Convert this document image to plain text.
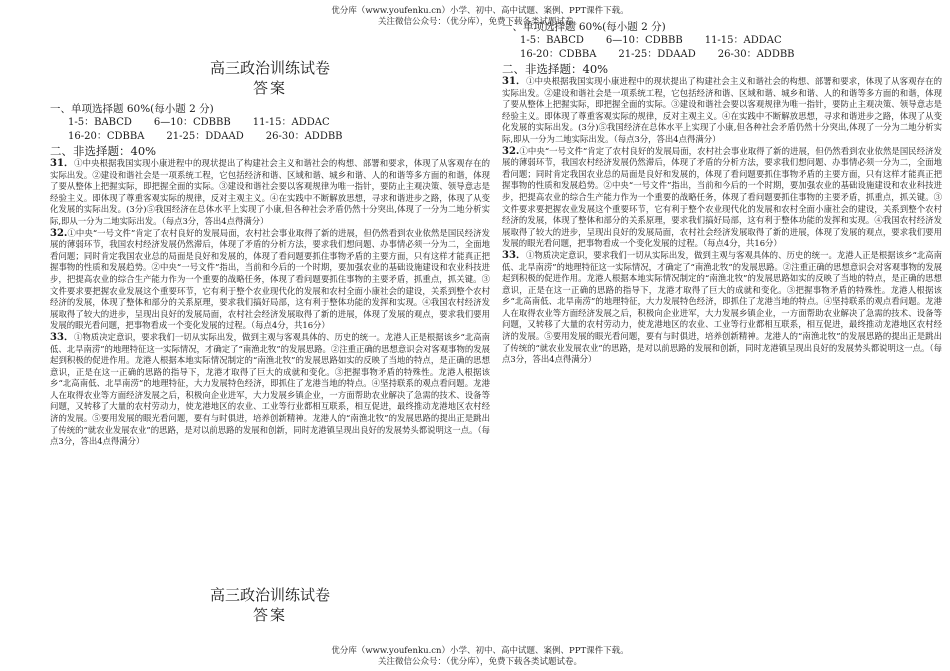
优分库（www.youfenku.cn）小学、初中、高中试题、案例、PPT课件下载。
关注微信公众号：（优分库），免费下载各类试题试卷。

高三政治训练试卷

答案

一、单项选择题 60%(每小题 2 分)

1-5：BABCD 6—10：CDBBB 11-15：ADDAC
16-20：CDBBA 21-25：DDAAD 26-30：ADDBB

二、非选择题：40%

31．①中央根据我国实现小康进程中的现状提出了构建社会主义和谐社会的构想、部署和要求，体现了从客观存在的实际出发。②建设和谐社会是一项系统工程，它包括经济和谐、区域和谐、城乡和谐、人的和谐等多方面的和谐，体现了要从整体上把握实际，即把握全面的实际。③建设和谐社会要以客观规律为唯一指针，要防止主观决策、领导意志是经验主义。即体现了尊重客观实际的规律，反对主观主义。④在实践中不断解放思想，寻求和谐进步之路，体现了从变化发展的实际出发。(3分)⑤我国经济在总体水平上实现了小康,但各种社会矛盾仍然十分突出,体现了一分为二地分析实际,即从一分为二地实际出发。（每点3分，答出4点得满分）

32.①中央“一号文件”肯定了农村良好的发展局面，农村社会事业取得了新的进展，但仍然看到农业依然是国民经济发展的薄弱环节，我国农村经济发展仍然滞后，体现了矛盾的分析方法，要求我们想问题、办事情必须一分为二，全面地看问题；同时肯定我国农业总的局面是良好和发展的，体现了看问题要抓住事物矛盾的主要方面，只有这样才能真正把握事物的性质和发展趋势。②中央“一号文件”指出，当前和今后的一个时期，要加强农业的基础设施建设和农业科技进步，把提高农业的综合生产能力作为一个重要的战略任务，体现了看问题要抓住事物的主要矛盾，抓重点，抓关键。③文件要求要把握农业发展这个重要环节，它有利于整个农业现代化的发展和农村全面小康社会的建设，关系到整个农村经济的发展，体现了整体和部分的关系原理，要求我们搞好局部，这有利于整体功能的发挥和实现。④我国农村经济发展取得了较大的进步，呈现出良好的发展局面，农村社会经济发展取得了新的进展，体现了发展的观点，要求我们要用发展的眼光看问题，把事物看成一个变化发展的过程。（每点4分，共16分）

33．①物质决定意识，要求我们一切从实际出发，做到主观与客观具体的、历史的统一。龙港人正是根据该乡“北高南低、北旱南涝”的地理特征这一实际情况，才确定了“南渔北牧”的发展思路。②注重正确的思想意识会对客观事物的发展起到积极的促进作用。龙港人根据本地实际情况制定的“南渔北牧”的发展思路如实的反映了当地的特点，是正确的思想意识，正是在这一正确的思路的指导下，龙港才取得了巨大的成就和变化。③把握事物矛盾的特殊性。龙港人根据该乡“北高南低、北旱南涝”的地理特征，大力发展特色经济，即抓住了龙港当地的特点。④坚持联系的观点看问题。龙港人在取得农业等方面经济发展之后，积极向企业进军，大力发展乡镇企业，一方面帮助农业解决了急需的技术、设备等问题，又转移了大量的农村劳动力，使龙港地区的农业、工业等行业都相互联系，相互促进，最终推动龙港地区农村经济的发展。⑤要用发展的眼光看问题，要有与时俱进，培养创新精神。龙港人的“南渔北牧”的发展思路的提出正是跳出了传统的“就农业发展农业”的思路，是对以前思路的发展和创新，同时龙港镇呈现出良好的发展势头都说明这一点。（每点3分，答出4点得满分）

一、单项选择题 60%(每小题 2 分)

1-5：BABCD 6—10：CDBBB 11-15：ADDAC
16-20：CDBBA 21-25：DDAAD 26-30：ADDBB

二、非选择题：40%

31．①中央根据我国实现小康进程中的现状提出了构建社会主义和谐社会的构想、部署和要求，体现了从客观存在的实际出发。②建设和谐社会是一项系统工程，它包括经济和谐、区域和谐、城乡和谐、人的和谐等多方面的和谐，体现了要从整体上把握实际，即把握全面的实际。③建设和谐社会要以客观规律为唯一指针，要防止主观决策、领导意志是经验主义。即体现了尊重客观实际的规律，反对主观主义。④在实践中不断解放思想，寻求和谐进步之路，体现了从变化发展的实际出发。(3分)⑤我国经济在总体水平上实现了小康,但各种社会矛盾仍然十分突出,体现了一分为二地分析实际,即从一分为二地实际出发。（每点3分，答出4点得满分）

32.①中央“一号文件”肯定了农村良好的发展局面，农村社会事业取得了新的进展，但仍然看到农业依然是国民经济发展的薄弱环节，我国农村经济发展仍然滞后，体现了矛盾的分析方法，要求我们想问题、办事情必须一分为二，全面地看问题；同时肯定我国农业总的局面是良好和发展的，体现了看问题要抓住事物矛盾的主要方面，只有这样才能真正把握事物的性质和发展趋势。②中央“一号文件”指出，当前和今后的一个时期，要加强农业的基础设施建设和农业科技进步，把提高农业的综合生产能力作为一个重要的战略任务，体现了看问题要抓住事物的主要矛盾，抓重点，抓关键。③文件要求要把握农业发展这个重要环节，它有利于整个农业现代化的发展和农村全面小康社会的建设，关系到整个农村经济的发展，体现了整体和部分的关系原理，要求我们搞好局部，这有利于整体功能的发挥和实现。④我国农村经济发展取得了较大的进步，呈现出良好的发展局面，农村社会经济发展取得了新的进展，体现了发展的观点，要求我们要用发展的眼光看问题，把事物看成一个变化发展的过程。（每点4分，共16分）

33．①物质决定意识，要求我们一切从实际出发，做到主观与客观具体的、历史的统一。龙港人正是根据该乡“北高南低、北旱南涝”的地理特征这一实际情况，才确定了“南渔北牧”的发展思路。②注重正确的思想意识会对客观事物的发展起到积极的促进作用。龙港人根据本地实际情况制定的“南渔北牧”的发展思路如实的反映了当地的特点，是正确的思想意识，正是在这一正确的思路的指导下，龙港才取得了巨大的成就和变化。③把握事物矛盾的特殊性。龙港人根据该乡“北高南低、北旱南涝”的地理特征，大力发展特色经济，即抓住了龙港当地的特点。④坚持联系的观点看问题。龙港人在取得农业等方面经济发展之后，积极向企业进军，大力发展乡镇企业，一方面帮助农业解决了急需的技术、设备等问题，又转移了大量的农村劳动力，使龙港地区的农业、工业等行业都相互联系，相互促进，最终推动龙港地区农村经济的发展。⑤要用发展的眼光看问题，要有与时俱进，培养创新精神。龙港人的“南渔北牧”的发展思路的提出正是跳出了传统的“就农业发展农业”的思路，是对以前思路的发展和创新，同时龙港镇呈现出良好的发展势头都说明这一点。（每点3分，答出4点得满分）

高三政治训练试卷

答案

优分库（www.youfenku.cn）小学、初中、高中试题、案例、PPT课件下载。
关注微信公众号：（优分库），免费下载各类试题试卷。
